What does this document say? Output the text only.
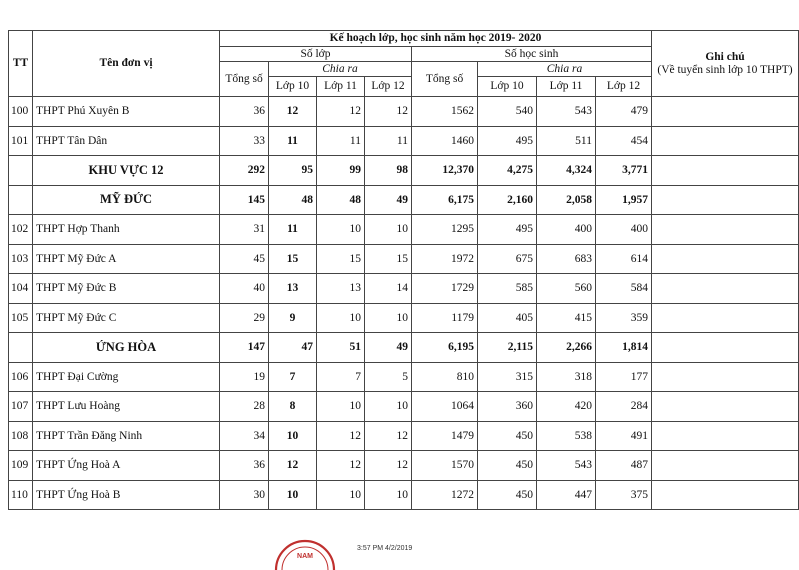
TT	Tên đơn vị	Kế hoạch lớp, học sinh năm học 2019- 2020								Ghi chú
(Về tuyển sinh lớp 10 THPT)

		Số lớp				Số học sinh				
		Tổng số	Chia ra			Tổng số	Chia ra			
			Lớp 10	Lớp 11	Lớp 12		Lớp 10	Lớp 11	Lớp 12	
100	THPT Phú Xuyên B	36	12	12	12	1562	540	543	479	
101	THPT Tân Dân	33	11	11	11	1460	495	511	454	
	KHU VỰC 12	292	95	99	98	12,370	4,275	4,324	3,771	
	MỸ ĐỨC	145	48	48	49	6,175	2,160	2,058	1,957	
102	THPT Hợp Thanh	31	11	10	10	1295	495	400	400	
103	THPT Mỹ Đức A	45	15	15	15	1972	675	683	614	
104	THPT Mỹ Đức B	40	13	13	14	1729	585	560	584	
105	THPT Mỹ Đức C	29	9	10	10	1179	405	415	359	
	ỨNG HÒA	147	47	51	49	6,195	2,115	2,266	1,814	
106	THPT Đại Cường	19	7	7	5	810	315	318	177	
107	THPT Lưu Hoàng	28	8	10	10	1064	360	420	284	
108	THPT Trần Đăng Ninh	34	10	12	12	1479	450	538	491	
109	THPT Ứng Hoà A	36	12	12	12	1570	450	543	487	
110	THPT Ứng Hoà B	30	10	10	10	1272	450	447	375	
NAM
3:57 PM 4/2/2019
